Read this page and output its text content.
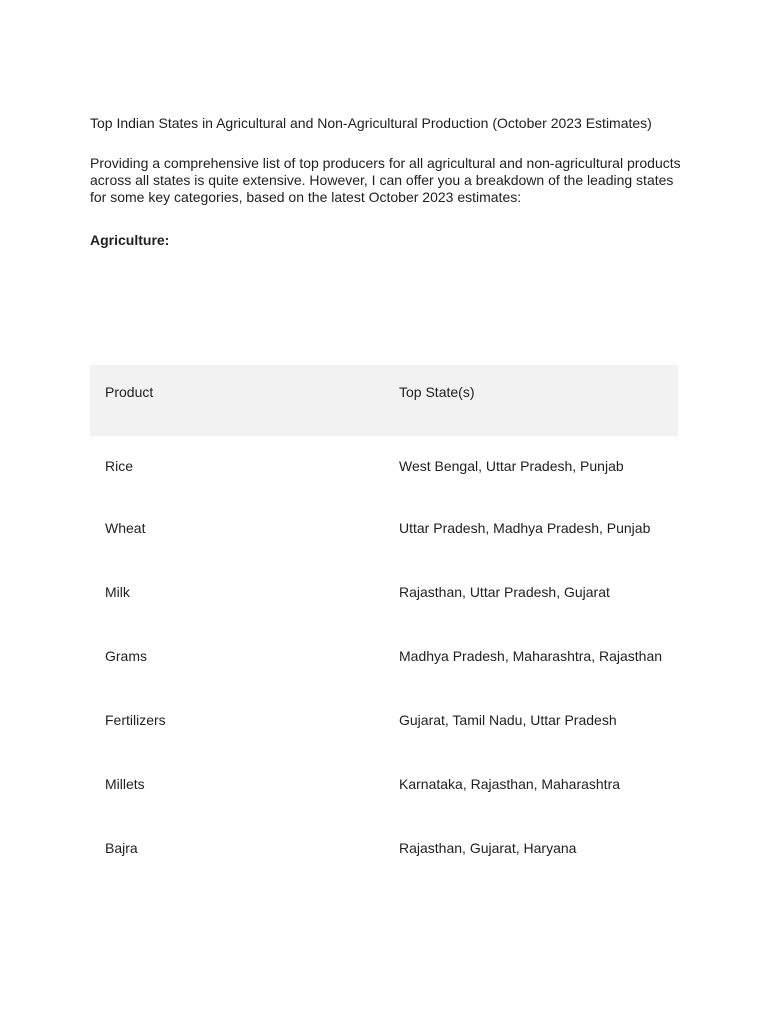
Top Indian States in Agricultural and Non-Agricultural Production (October 2023 Estimates)

Providing a comprehensive list of top producers for all agricultural and non-agricultural products across all states is quite extensive. However, I can offer you a breakdown of the leading states for some key categories, based on the latest October 2023 estimates:

Agriculture:
Product	Top State(s)
Rice	West Bengal, Uttar Pradesh, Punjab
Wheat	Uttar Pradesh, Madhya Pradesh, Punjab
Milk	Rajasthan, Uttar Pradesh, Gujarat
Grams	Madhya Pradesh, Maharashtra, Rajasthan
Fertilizers	Gujarat, Tamil Nadu, Uttar Pradesh
Millets	Karnataka, Rajasthan, Maharashtra
Bajra	Rajasthan, Gujarat, Haryana
